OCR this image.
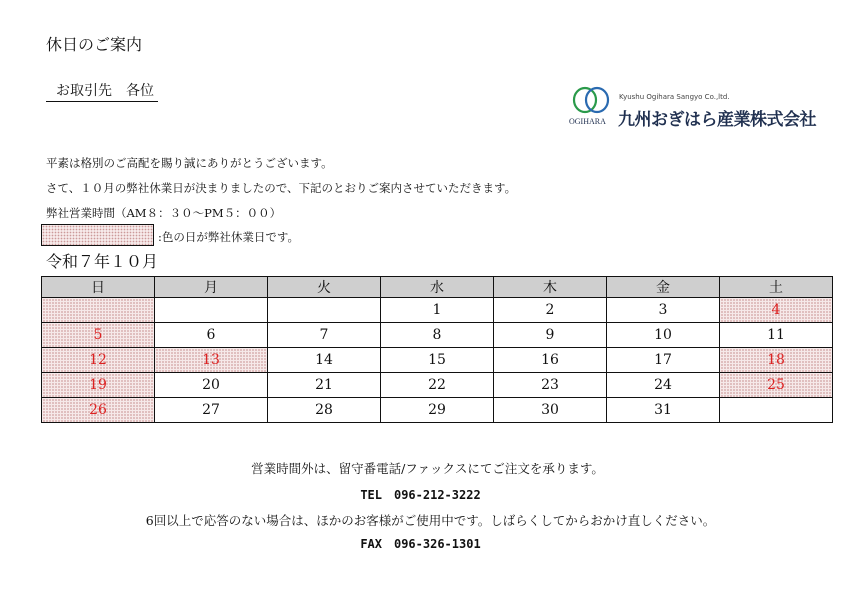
休日のご案内
お取引先　各位
OGIHARA
Kyushu Ogihara Sangyo Co.,ltd.
九州おぎはら産業株式会社
平素は格別のご高配を賜り誠にありがとうございます。
さて、１０月の弊社休業日が決まりましたので、下記のとおりご案内させていただきます。
弊社営業時間（AM８：３０～PM５：００）
:色の日が弊社休業日です。
令和７年１０月
日	月	火	水	木	金	土
			1	2	3	4
5	6	7	8	9	10	11
12	13	14	15	16	17	18
19	20	21	22	23	24	25
26	27	28	29	30	31	
営業時間外は、留守番電話/ファックスにてご注文を承ります。
TEL　096-212-3222
6回以上で応答のない場合は、ほかのお客様がご使用中です。しばらくしてからおかけ直しください。
FAX　096-326-1301
